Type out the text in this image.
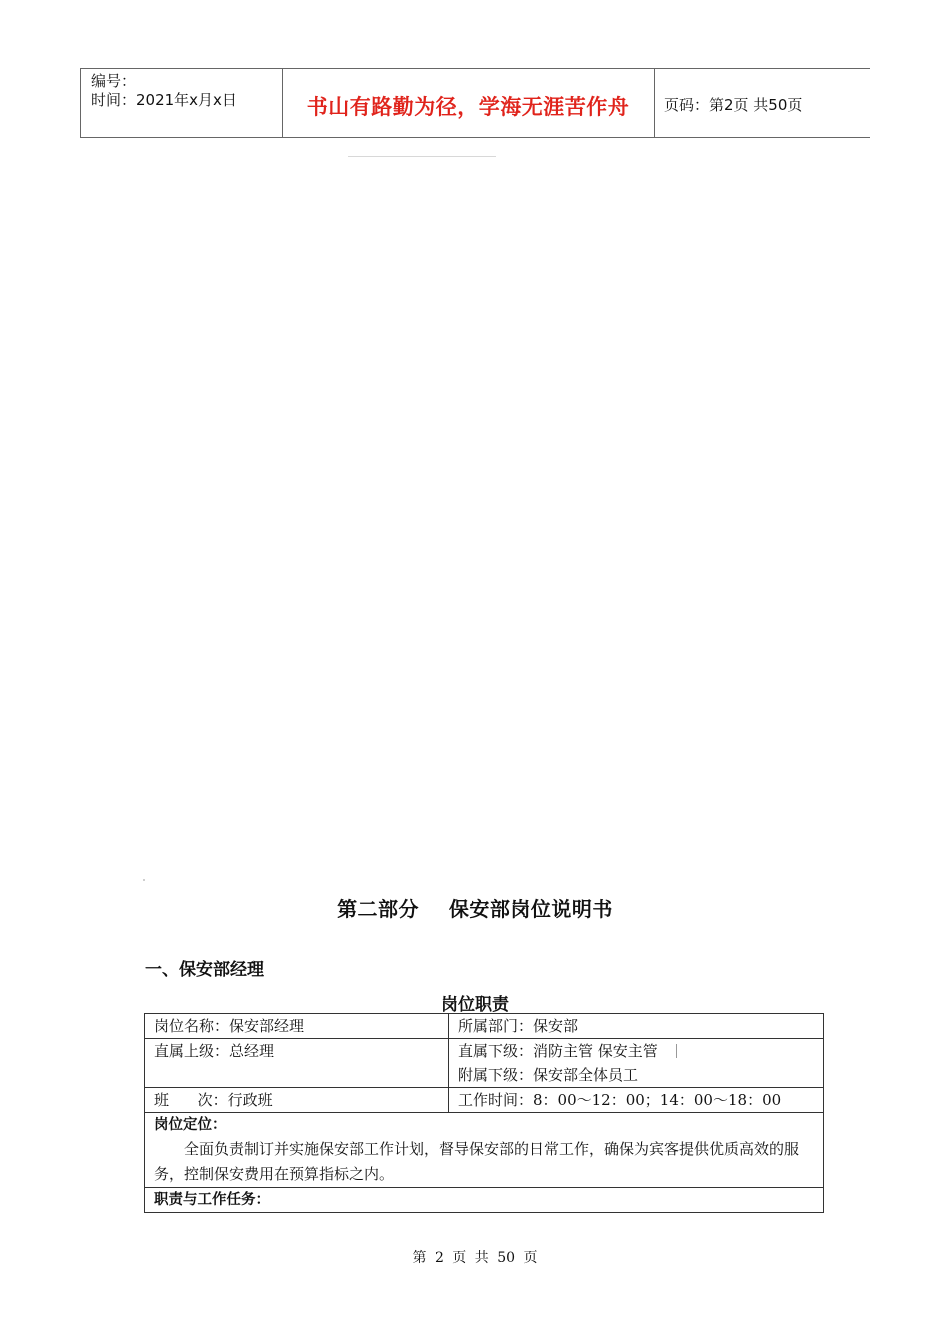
编号：
时间：2021年x月x日	书山有路勤为径，学海无涯苦作舟	页码：第2页 共50页
第二部分    保安部岗位说明书
一、保安部经理
岗位职责
岗位名称：保安部经理	所属部门：保安部
直属上级：总经理	直属下级：消防主管 保安主管
附属下级：保安部全体员工

班      次：行政班	工作时间：8：00～12：00；14：00～18：00

岗位定位：
全面负责制订并实施保安部工作计划，督导保安部的日常工作，确保为宾客提供优质高效的服务，控制保安费用在预算指标之内。	

职责与工作任务：	
第 2 页 共 50 页
